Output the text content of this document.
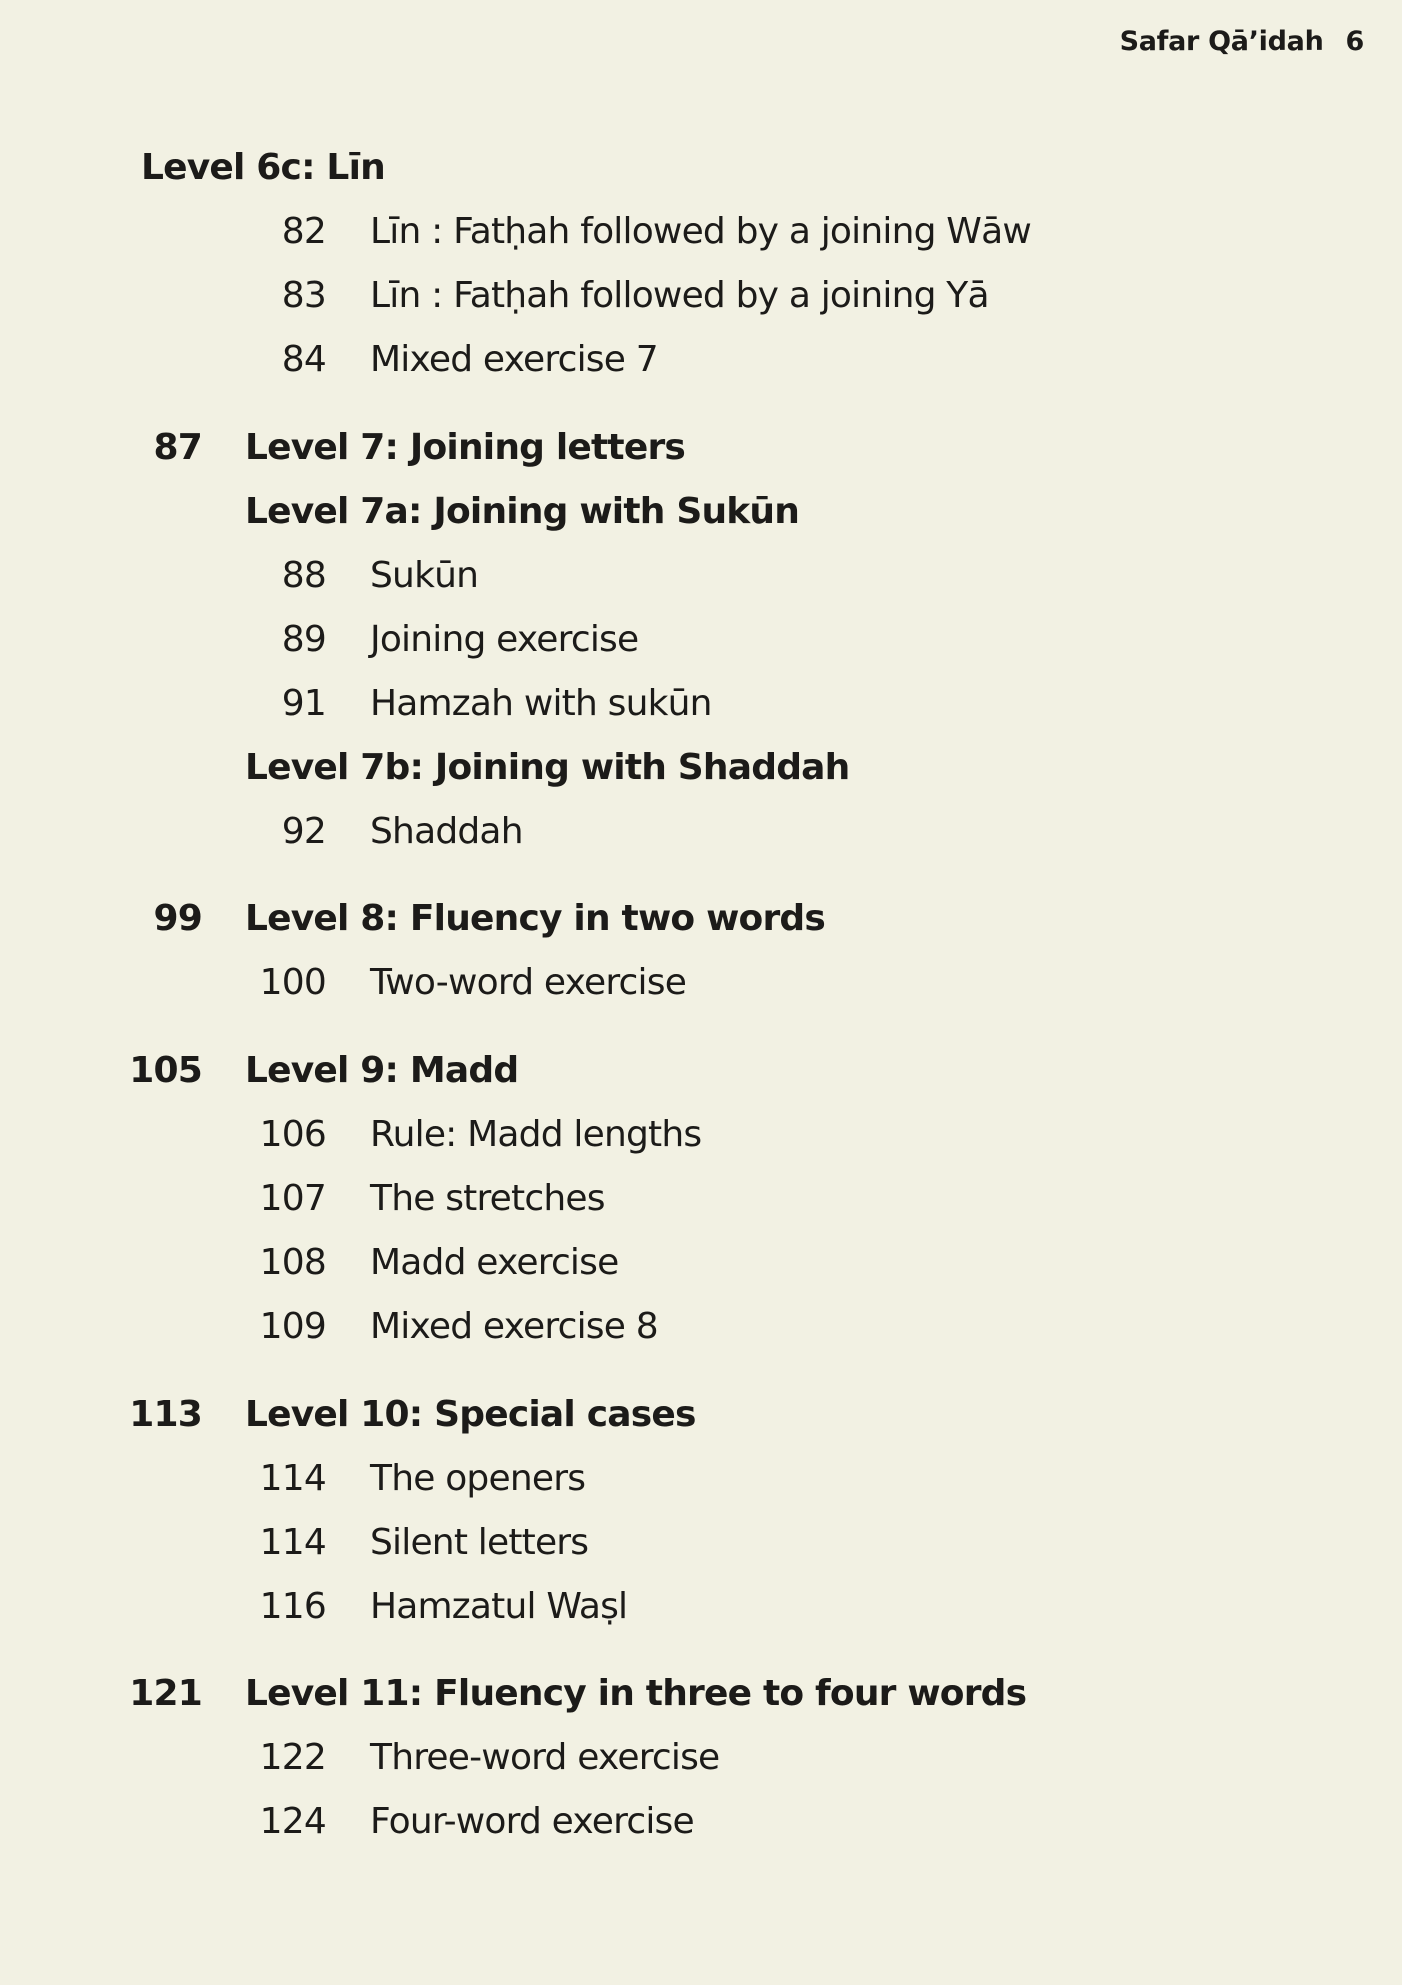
Safar Qā’idah 6
Level 6c: Līn
82 Līn : Fatḥah followed by a joining Wāw
83 Līn : Fatḥah followed by a joining Yā
84 Mixed exercise 7
87 Level 7: Joining letters
Level 7a: Joining with Sukūn
88 Sukūn
89 Joining exercise
91 Hamzah with sukūn
Level 7b: Joining with Shaddah
92 Shaddah
99 Level 8: Fluency in two words
100 Two-word exercise
105 Level 9: Madd
106 Rule: Madd lengths
107 The stretches
108 Madd exercise
109 Mixed exercise 8
113 Level 10: Special cases
114 The openers
114 Silent letters
116 Hamzatul Waṣl
121 Level 11: Fluency in three to four words
122 Three-word exercise
124 Four-word exercise
